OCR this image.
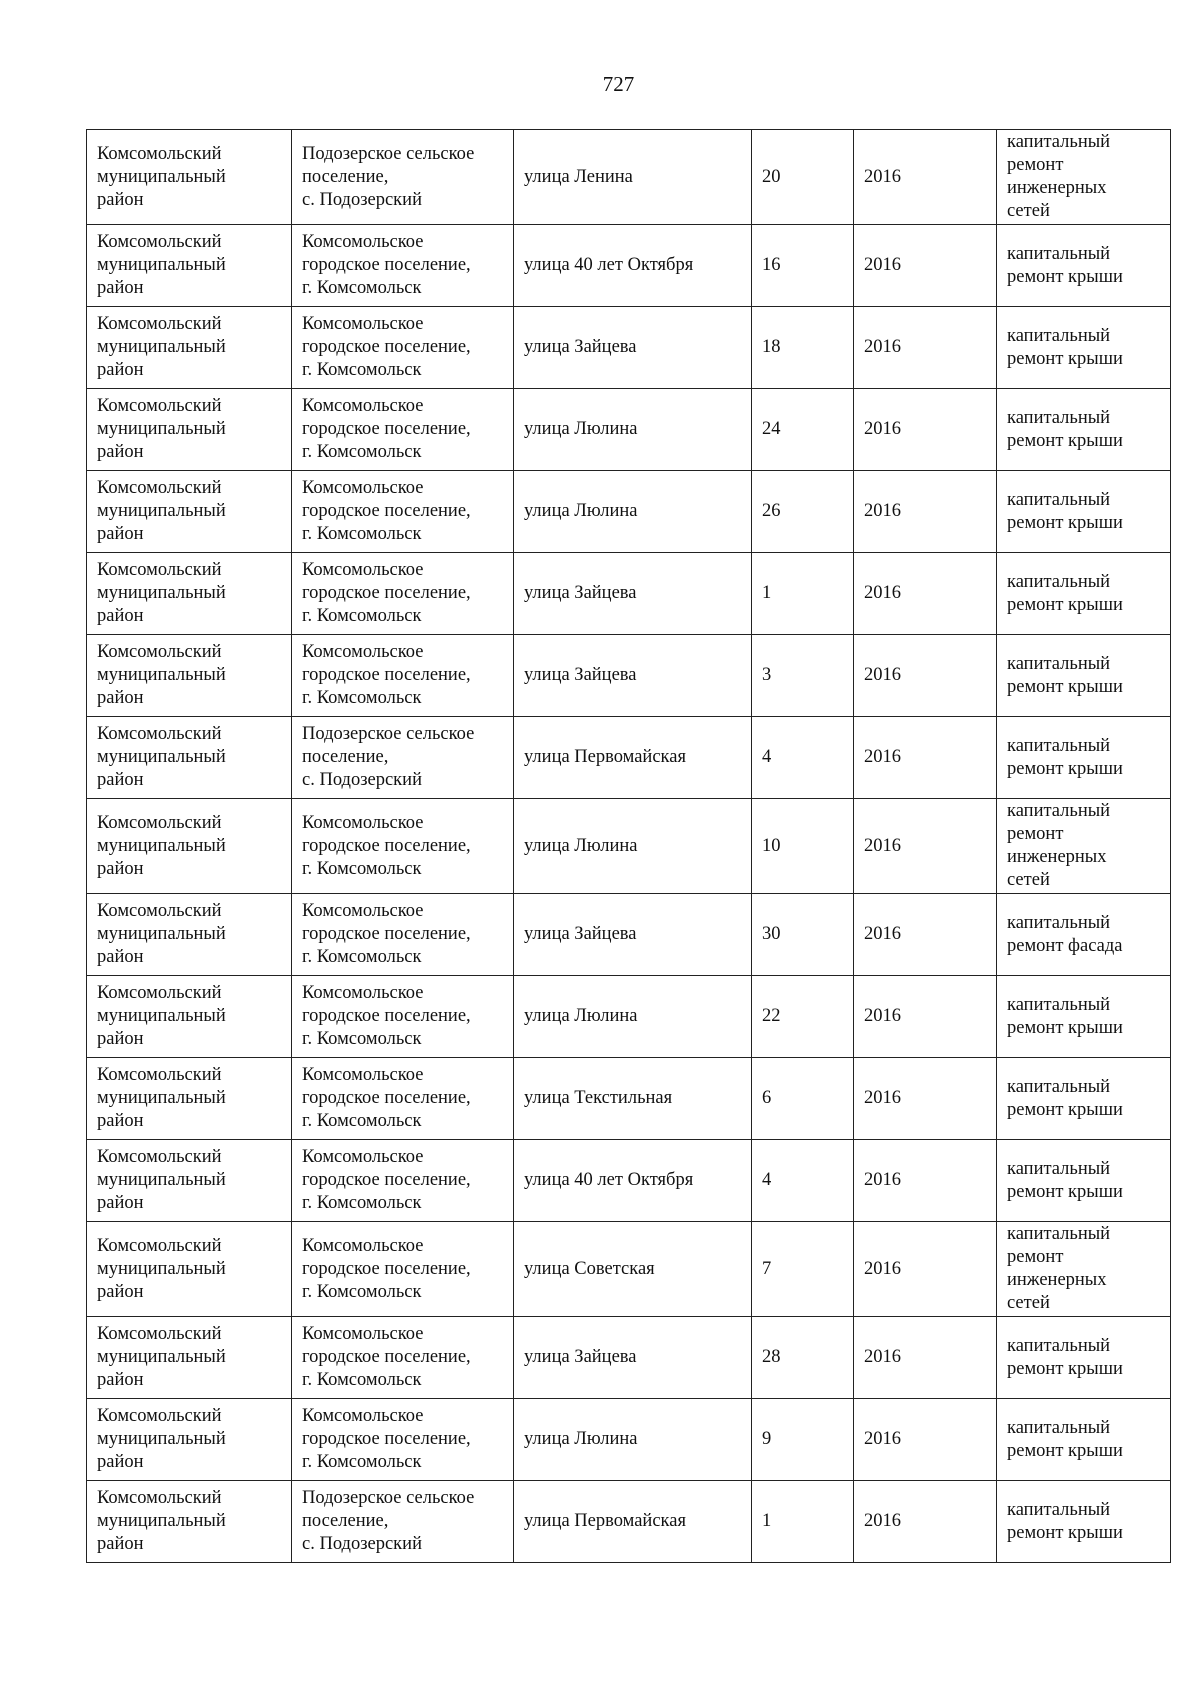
727
Комсомольский
муниципальный
район	Подозерское сельское
поселение,
с. Подозерский	улица Ленина	20	2016	капитальный
ремонт
инженерных
сетей
Комсомольский
муниципальный
район	Комсомольское
городское поселение,
г. Комсомольск	улица 40 лет Октября	16	2016	капитальный
ремонт крыши
Комсомольский
муниципальный
район	Комсомольское
городское поселение,
г. Комсомольск	улица Зайцева	18	2016	капитальный
ремонт крыши
Комсомольский
муниципальный
район	Комсомольское
городское поселение,
г. Комсомольск	улица Люлина	24	2016	капитальный
ремонт крыши
Комсомольский
муниципальный
район	Комсомольское
городское поселение,
г. Комсомольск	улица Люлина	26	2016	капитальный
ремонт крыши
Комсомольский
муниципальный
район	Комсомольское
городское поселение,
г. Комсомольск	улица Зайцева	1	2016	капитальный
ремонт крыши
Комсомольский
муниципальный
район	Комсомольское
городское поселение,
г. Комсомольск	улица Зайцева	3	2016	капитальный
ремонт крыши
Комсомольский
муниципальный
район	Подозерское сельское
поселение,
с. Подозерский	улица Первомайская	4	2016	капитальный
ремонт крыши
Комсомольский
муниципальный
район	Комсомольское
городское поселение,
г. Комсомольск	улица Люлина	10	2016	капитальный
ремонт
инженерных
сетей
Комсомольский
муниципальный
район	Комсомольское
городское поселение,
г. Комсомольск	улица Зайцева	30	2016	капитальный
ремонт фасада
Комсомольский
муниципальный
район	Комсомольское
городское поселение,
г. Комсомольск	улица Люлина	22	2016	капитальный
ремонт крыши
Комсомольский
муниципальный
район	Комсомольское
городское поселение,
г. Комсомольск	улица Текстильная	6	2016	капитальный
ремонт крыши
Комсомольский
муниципальный
район	Комсомольское
городское поселение,
г. Комсомольск	улица 40 лет Октября	4	2016	капитальный
ремонт крыши
Комсомольский
муниципальный
район	Комсомольское
городское поселение,
г. Комсомольск	улица Советская	7	2016	капитальный
ремонт
инженерных
сетей
Комсомольский
муниципальный
район	Комсомольское
городское поселение,
г. Комсомольск	улица Зайцева	28	2016	капитальный
ремонт крыши
Комсомольский
муниципальный
район	Комсомольское
городское поселение,
г. Комсомольск	улица Люлина	9	2016	капитальный
ремонт крыши
Комсомольский
муниципальный
район	Подозерское сельское
поселение,
с. Подозерский	улица Первомайская	1	2016	капитальный
ремонт крыши
